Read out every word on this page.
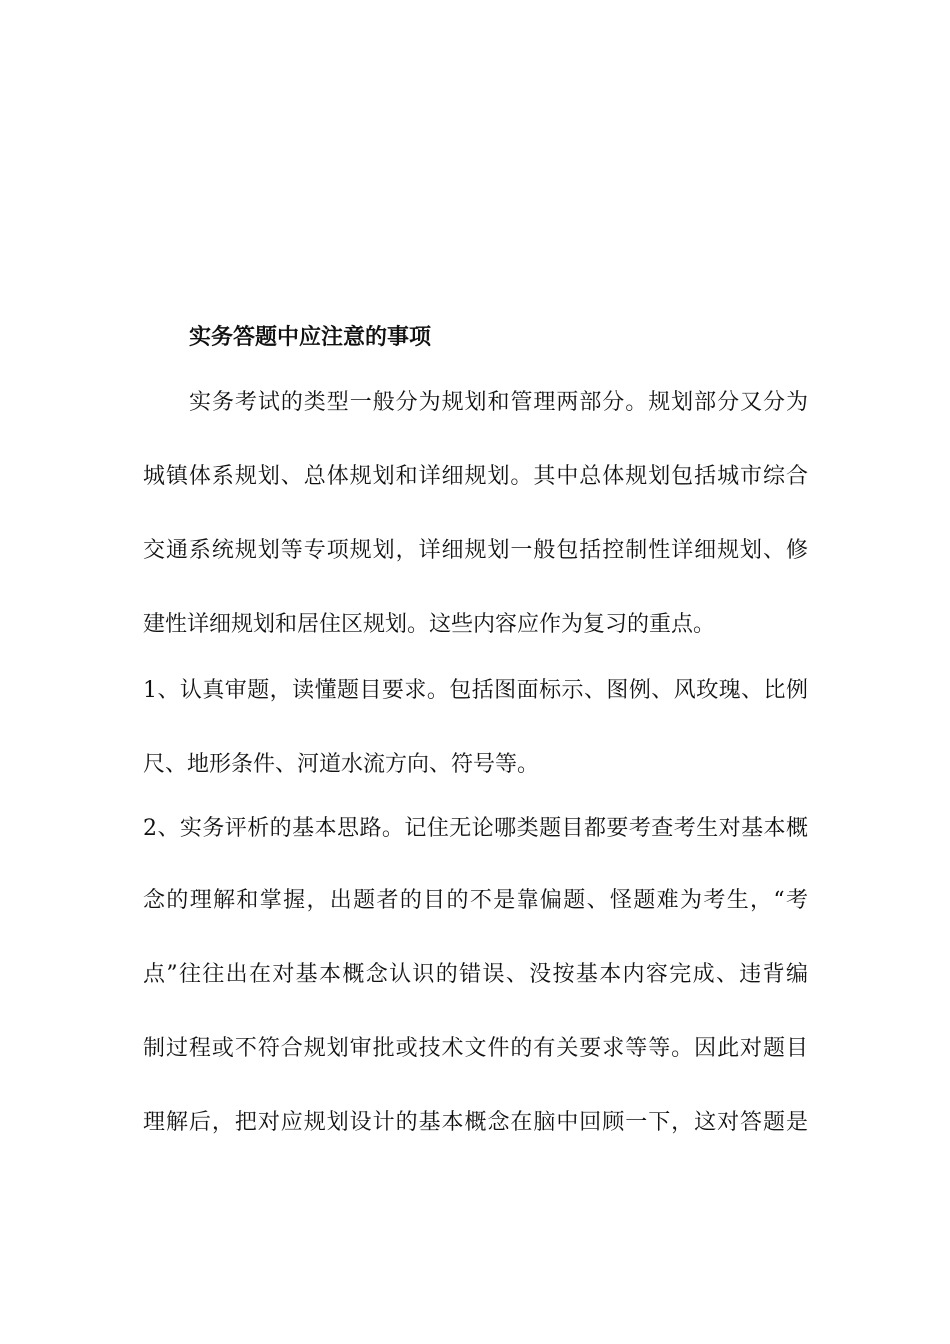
实务答题中应注意的事项
实务考试的类型一般分为规划和管理两部分。规划部分又分为
城镇体系规划、总体规划和详细规划。其中总体规划包括城市综合
交通系统规划等专项规划，详细规划一般包括控制性详细规划、修
建性详细规划和居住区规划。这些内容应作为复习的重点。
1、认真审题，读懂题目要求。包括图面标示、图例、风玫瑰、比例
尺、地形条件、河道水流方向、符号等。
2、实务评析的基本思路。记住无论哪类题目都要考查考生对基本概
念的理解和掌握，出题者的目的不是靠偏题、怪题难为考生，“考
点”往往出在对基本概念认识的错误、没按基本内容完成、违背编
制过程或不符合规划审批或技术文件的有关要求等等。因此对题目
理解后，把对应规划设计的基本概念在脑中回顾一下，这对答题是
